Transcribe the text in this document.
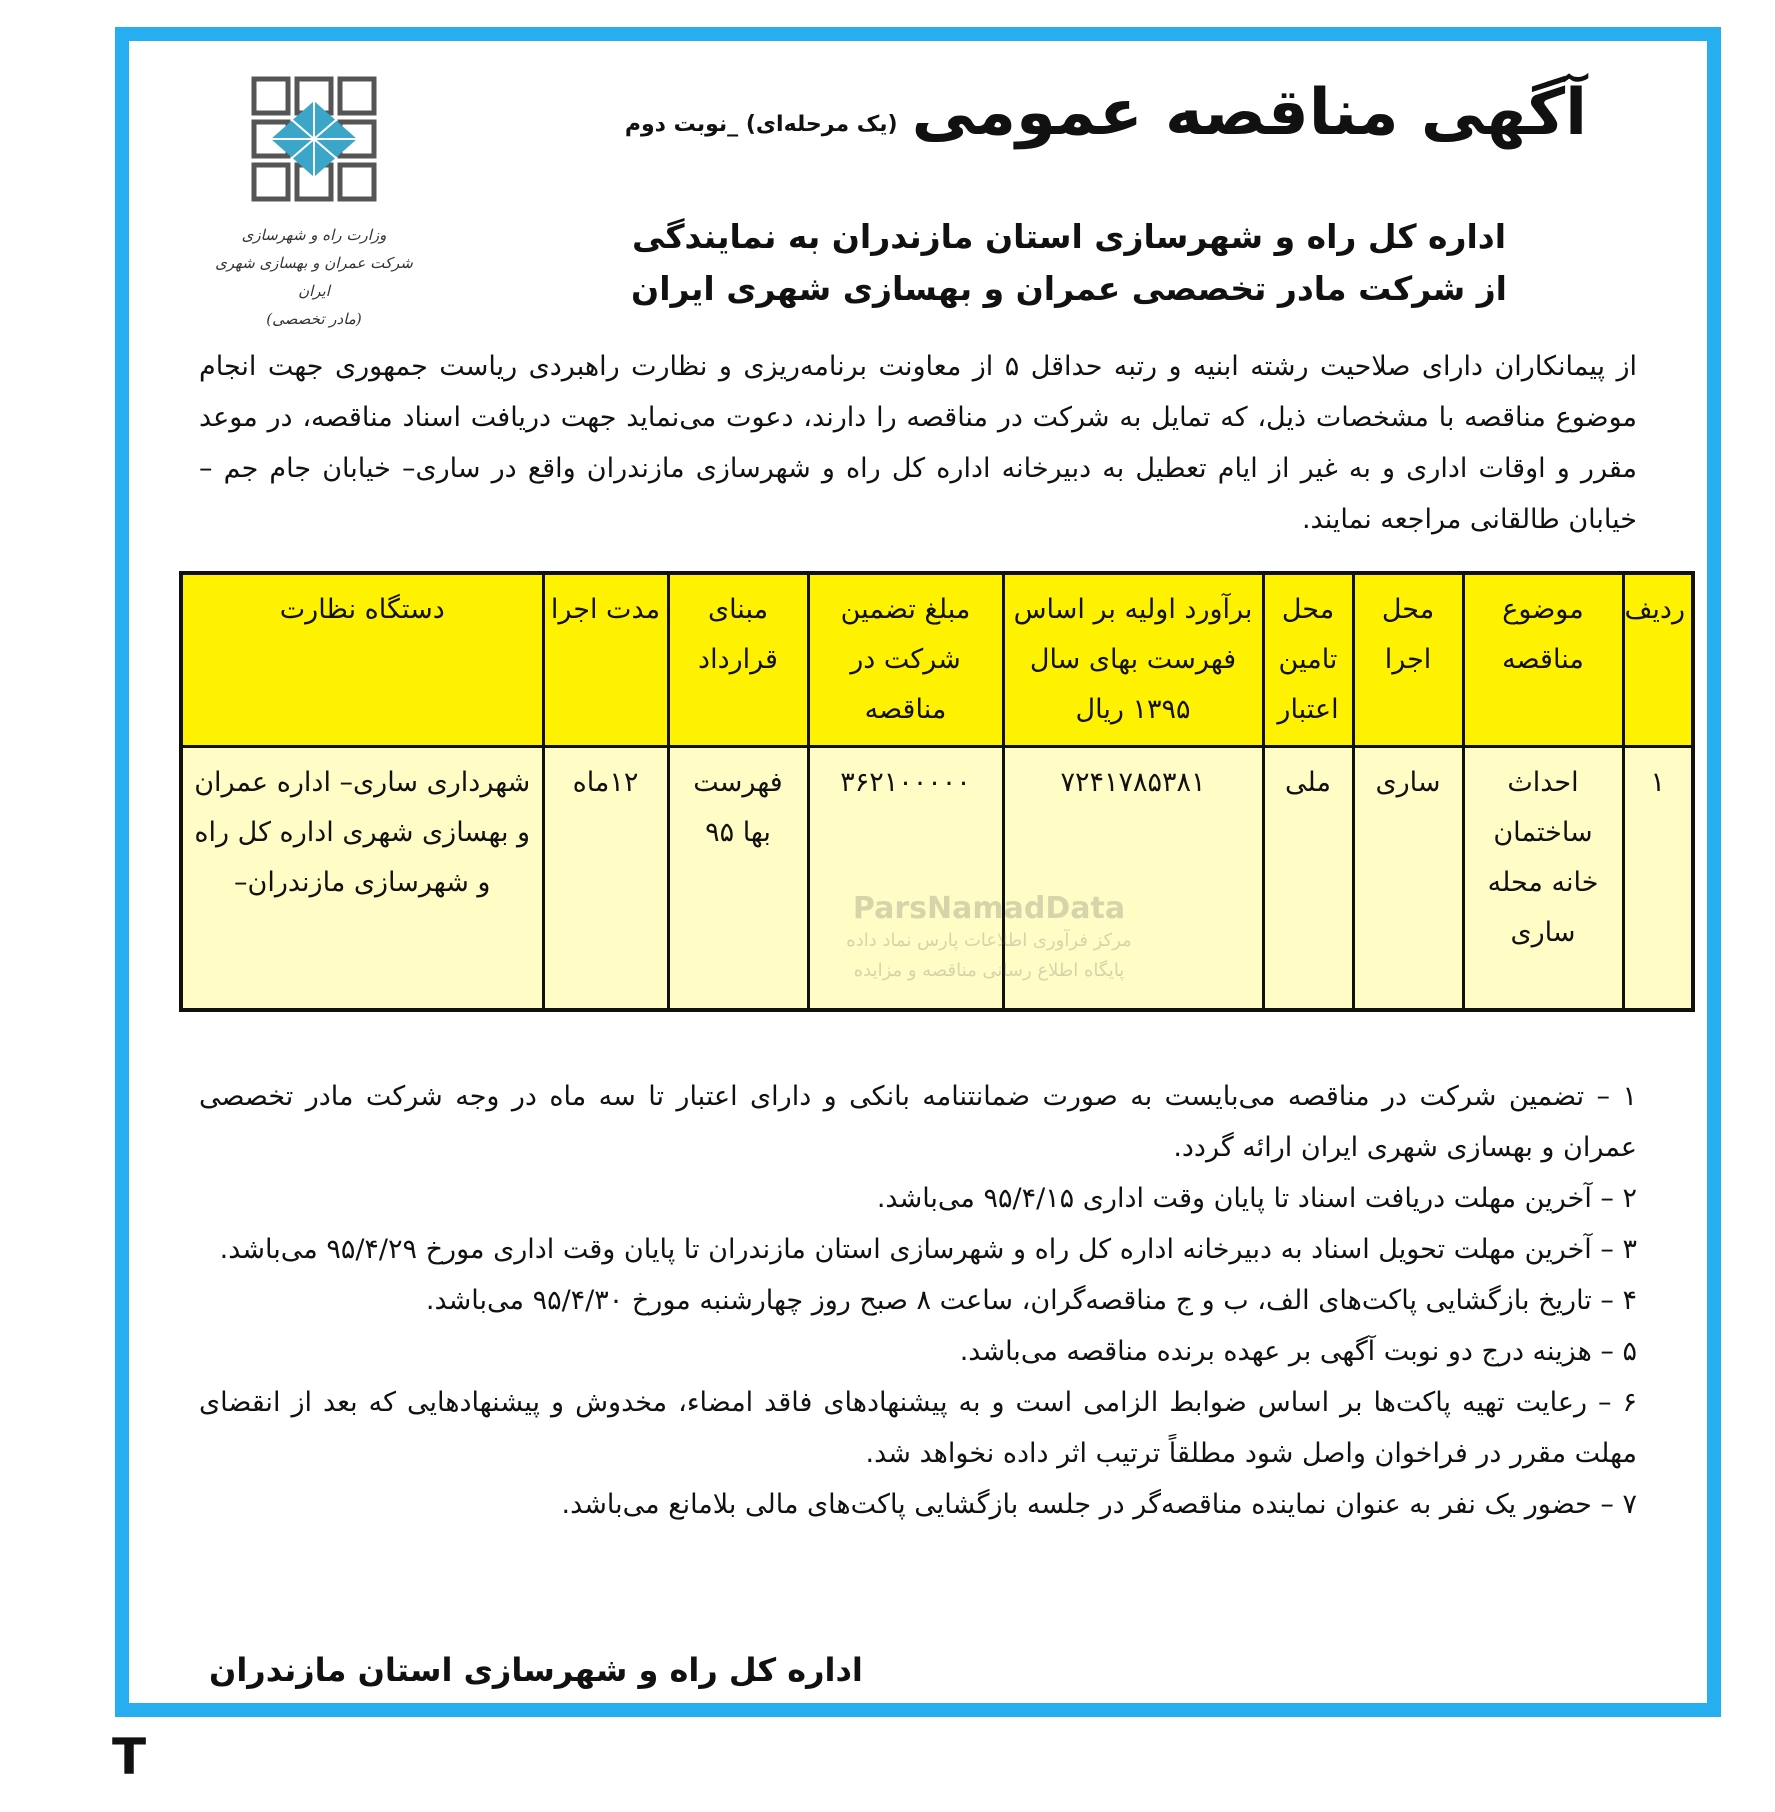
وزارت راه و شهرسازی
شرکت عمران و بهسازی شهری ایران
(مادر تخصصی)
آگهی مناقصه عمومی
(یک مرحله‌ای) _نوبت دوم
اداره کل راه و شهرسازی استان مازندران به نمایندگی
از شرکت مادر تخصصی عمران و بهسازی شهری ایران
از پیمانکاران دارای صلاحیت رشته ابنیه و رتبه حداقل ۵ از معاونت برنامه‌ریزی و نظارت راهبردی ریاست جمهوری جهت انجام موضوع مناقصه با مشخصات ذیل، که تمایل به شرکت در مناقصه را دارند، دعوت می‌نماید جهت دریافت اسناد مناقصه، در موعد مقرر و اوقات اداری و به غیر از ایام تعطیل به دبیرخانه اداره کل راه و شهرسازی مازندران واقع در ساری– خیابان جام جم – خیابان طالقانی مراجعه نمایند.
ردیف	موضوع مناقصه	محل اجرا	محل تامین اعتبار	برآورد اولیه بر اساس فهرست بهای سال ۱۳۹۵ ریال	مبلغ تضمین شرکت در مناقصه	مبنای قرارداد	مدت اجرا	دستگاه نظارت
۱	احداث ساختمان خانه محله ساری	ساری	ملی	۷۲۴۱۷۸۵۳۸۱	۳۶۲۱۰۰۰۰۰	فهرست بها ۹۵	۱۲ماه	شهرداری ساری– اداره عمران و بهسازی شهری اداره کل راه و شهرسازی مازندران–
ParsNamadData
مرکز فرآوری اطلاعات پارس نماد داده
پایگاه اطلاع رسانی مناقصه و مزایده

۱ – تضمین شرکت در مناقصه می‌بایست به صورت ضمانتنامه بانکی و دارای اعتبار تا سه ماه در وجه شرکت مادر تخصصی عمران و بهسازی شهری ایران ارائه گردد.

۲ – آخرین مهلت دریافت اسناد تا پایان وقت اداری ۹۵/۴/۱۵ می‌باشد.

۳ – آخرین مهلت تحویل اسناد به دبیرخانه اداره کل راه و شهرسازی استان مازندران تا پایان وقت اداری مورخ ۹۵/۴/۲۹ می‌باشد.

۴ – تاریخ بازگشایی پاکت‌های الف، ب و ج مناقصه‌گران، ساعت ۸ صبح روز چهارشنبه مورخ ۹۵/۴/۳۰ می‌باشد.

۵ – هزینه درج دو نوبت آگهی بر عهده برنده مناقصه می‌باشد.

۶ – رعایت تهیه پاکت‌ها بر اساس ضوابط الزامی است و به پیشنهادهای فاقد امضاء، مخدوش و پیشنهادهایی که بعد از انقضای مهلت مقرر در فراخوان واصل شود مطلقاً ترتیب اثر داده نخواهد شد.

۷ – حضور یک نفر به عنوان نماینده مناقصه‌گر در جلسه بازگشایی پاکت‌های مالی بلامانع می‌باشد.

اداره کل راه و شهرسازی استان مازندران
T
